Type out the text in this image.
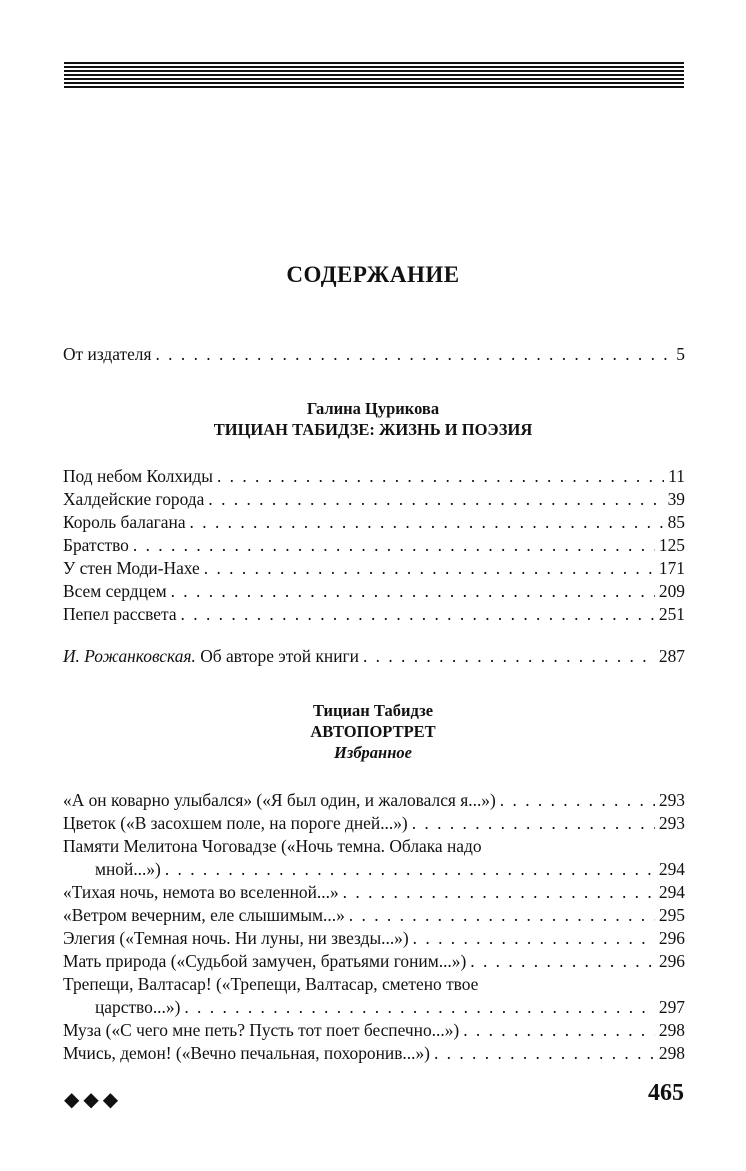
СОДЕРЖАНИЕ
От издателя . . .	5
Галина Цурикова
ТИЦИАН ТАБИДЗЕ: ЖИЗНЬ И ПОЭЗИЯ
Под небом Колхиды . . .	11
Халдейские города . . .	39
Король балагана . . .	85
Братство . . .	125
У стен Моди-Нахе . . .	171
Всем сердцем . . .	209
Пепел рассвета . . .	251
И. Рожанковская. Об авторе этой книги . . .	287
Тициан Табидзе
АВТОПОРТРЕТ
Избранное
«А он коварно улыбался» («Я был один, и жаловался я...») . . .	293
Цветок («В засохшем поле, на пороге дней...») . . .	293
Памяти Мелитона Чоговадзе («Ночь темна. Облака надо
мной...») . . .	294
«Тихая ночь, немота во вселенной...» . . .	294
«Ветром вечерним, еле слышимым...» . . .	295
Элегия («Темная ночь. Ни луны, ни звезды...») . . .	296
Мать природа («Судьбой замучен, братьями гоним...») . . .	296
Трепещи, Валтасар! («Трепещи, Валтасар, сметено твое
царство...») . . .	297
Муза («С чего мне петь? Пусть тот поет беспечно...») . . .	298
Мчись, демон! («Вечно печальная, похоронив...») . . .	298
◆◆◆	465
